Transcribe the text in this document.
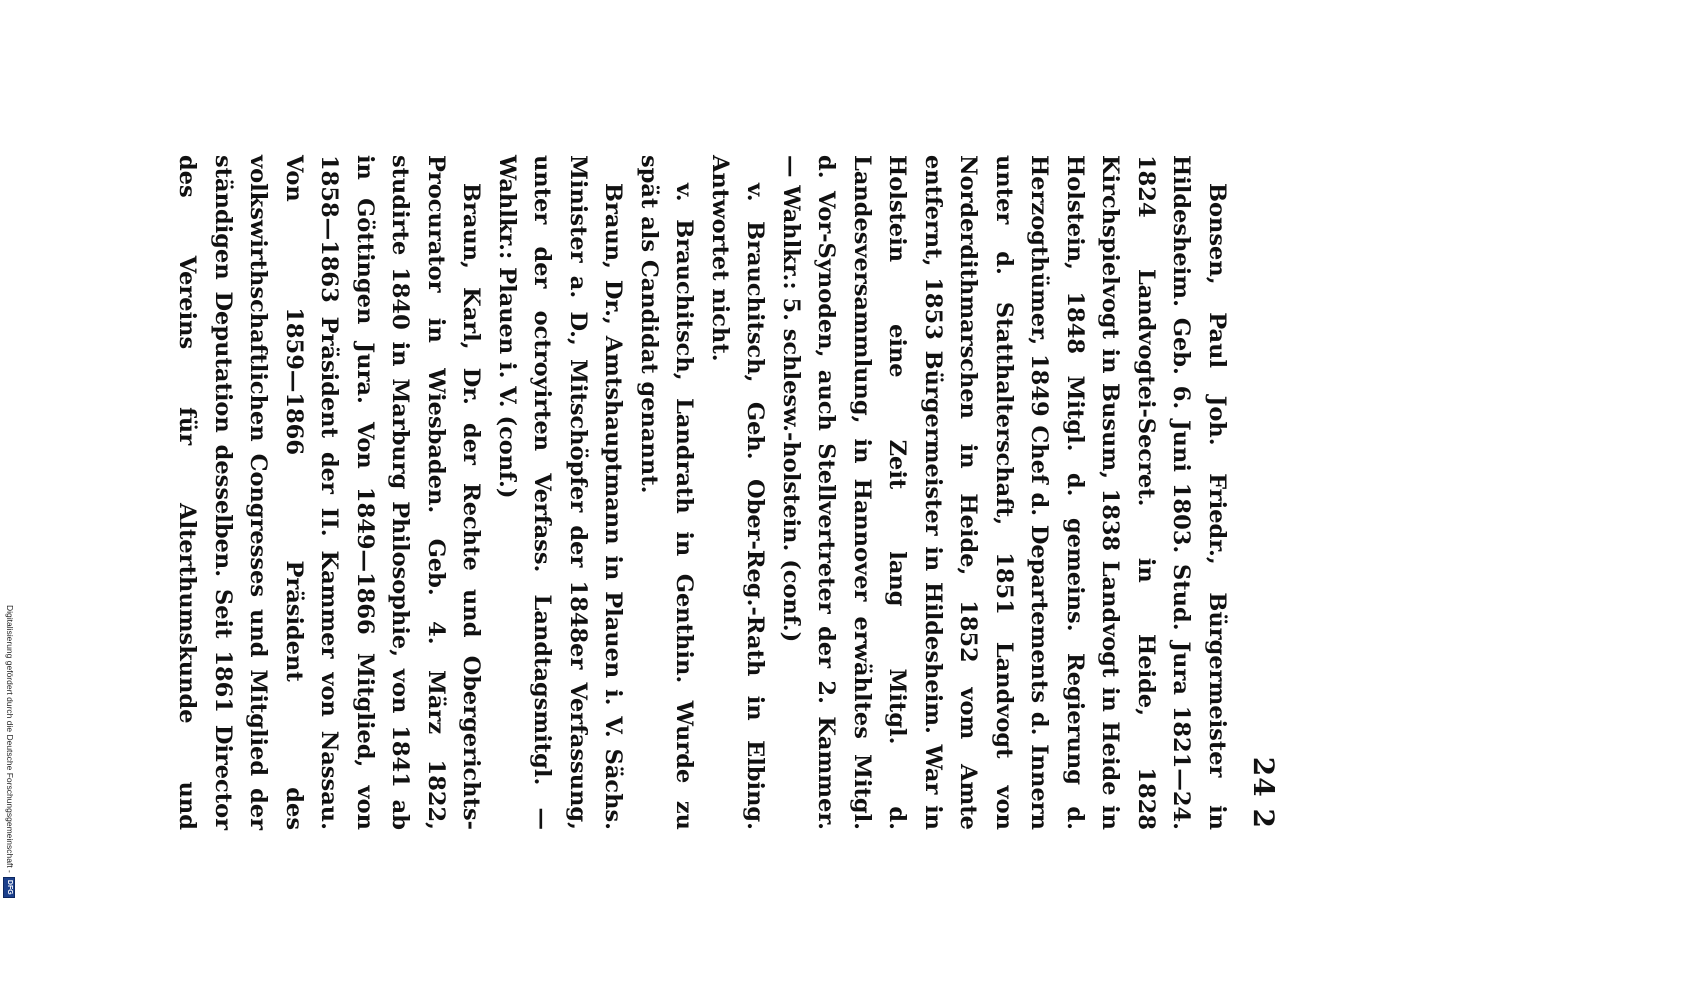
24 2

Bonsen, Paul Joh. Friedr., Bürgermeister in Hildesheim. Geb. 6. Juni 1803. Stud. Jura 1821—24. 1824 Landvogtei-Secret. in Heide, 1828 Kirchspielvogt in Busum, 1838 Landvogt in Heide in Holstein, 1848 Mitgl. d. gemeins. Regierung d. Herzogthümer, 1849 Chef d. Departements d. Innern unter d. Statthalterschaft, 1851 Landvogt von Norderdithmarschen in Heide, 1852 vom Amte entfernt, 1853 Bürgermeister in Hildesheim. War in Holstein eine Zeit lang Mitgl. d. Landesversammlung, in Hannover erwähltes Mitgl. d. Vor-Synoden, auch Stellvertreter der 2. Kammer. — Wahlkr.: 5. schlesw.-holstein. (conf.)

v. Brauchitsch, Geh. Ober-Reg.-Rath in Elbing. Antwortet nicht.

v. Brauchitsch, Landrath in Genthin. Wurde zu spät als Candidat genannt.

Braun, Dr., Amtshauptmann in Plauen i. V. Sächs. Minister a. D., Mitschöpfer der 1848er Verfassung, unter der octroyirten Verfass. Landtagsmitgl. — Wahlkr.: Plauen i. V. (conf.)

Braun, Karl, Dr. der Rechte und Obergerichts-Procurator in Wiesbaden. Geb. 4. März 1822, studirte 1840 in Marburg Philosophie, von 1841 ab in Göttingen Jura. Von 1849—1866 Mitglied, von 1858—1863 Präsident der II. Kammer von Nassau. Von 1859—1866 Präsident des volkswirthschaftlichen Congresses und Mitglied der ständigen Deputation desselben. Seit 1861 Director des Vereins für Alterthumskunde und

Digitalisierung gefördert durch die Deutsche Forschungsgemeinschaft -
DFG
